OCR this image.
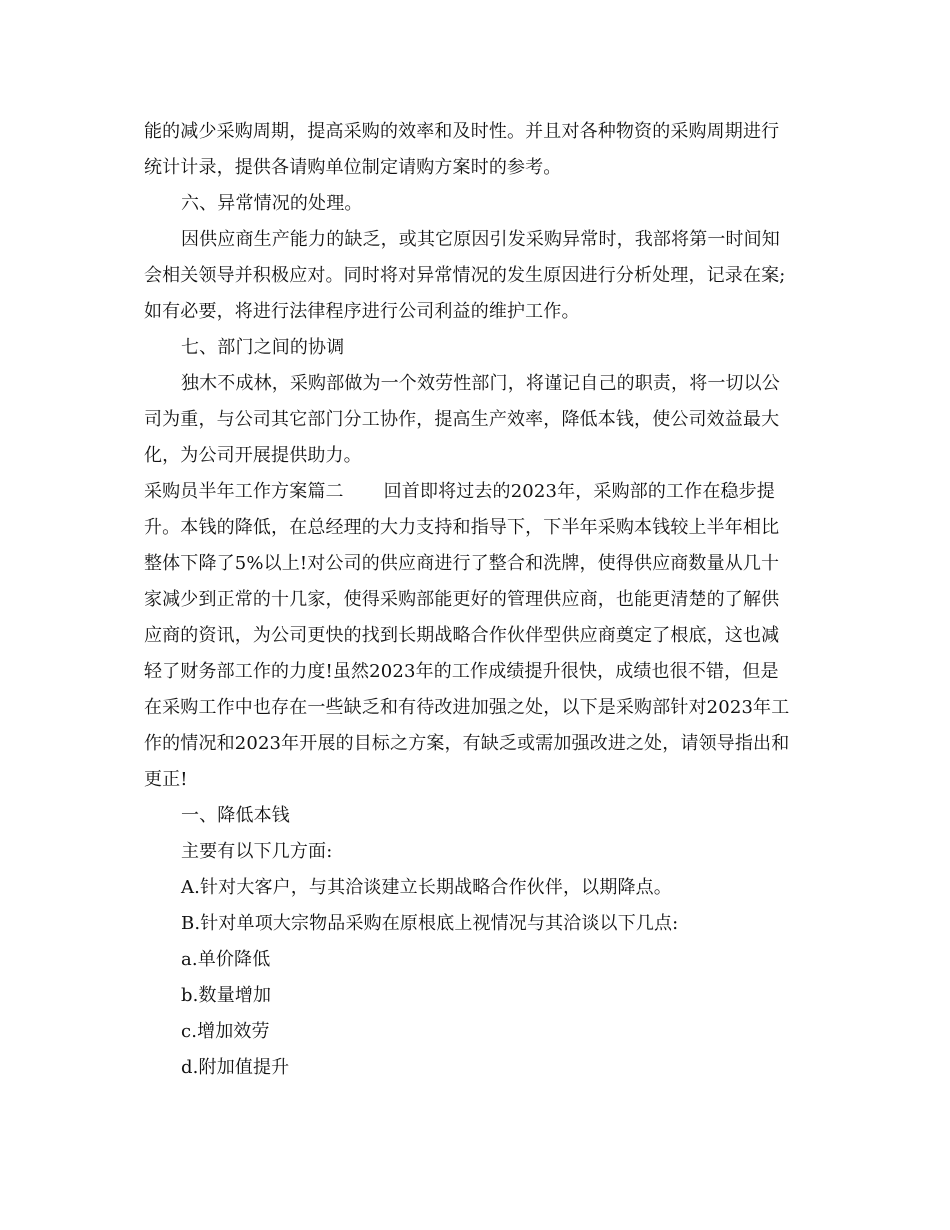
能的减少采购周期，提高采购的效率和及时性。并且对各种物资的采购周期进行
统计计录，提供各请购单位制定请购方案时的参考。
六、异常情况的处理。
因供应商生产能力的缺乏，或其它原因引发采购异常时，我部将第一时间知
会相关领导并积极应对。同时将对异常情况的发生原因进行分析处理，记录在案;
如有必要，将进行法律程序进行公司利益的维护工作。
七、部门之间的协调
独木不成林，采购部做为一个效劳性部门，将谨记自己的职责，将一切以公
司为重，与公司其它部门分工协作，提高生产效率，降低本钱，使公司效益最大
化，为公司开展提供助力。
采购员半年工作方案篇二 回首即将过去的2023年，采购部的工作在稳步提
升。本钱的降低，在总经理的大力支持和指导下，下半年采购本钱较上半年相比
整体下降了5%以上!对公司的供应商进行了整合和洗牌，使得供应商数量从几十
家减少到正常的十几家，使得采购部能更好的管理供应商，也能更清楚的了解供
应商的资讯，为公司更快的找到长期战略合作伙伴型供应商奠定了根底，这也减
轻了财务部工作的力度!虽然2023年的工作成绩提升很快，成绩也很不错，但是
在采购工作中也存在一些缺乏和有待改进加强之处，以下是采购部针对2023年工
作的情况和2023年开展的目标之方案，有缺乏或需加强改进之处，请领导指出和
更正!
一、降低本钱
主要有以下几方面:
A.针对大客户，与其洽谈建立长期战略合作伙伴，以期降点。
B.针对单项大宗物品采购在原根底上视情况与其洽谈以下几点:
a.单价降低
b.数量增加
c.增加效劳
d.附加值提升
